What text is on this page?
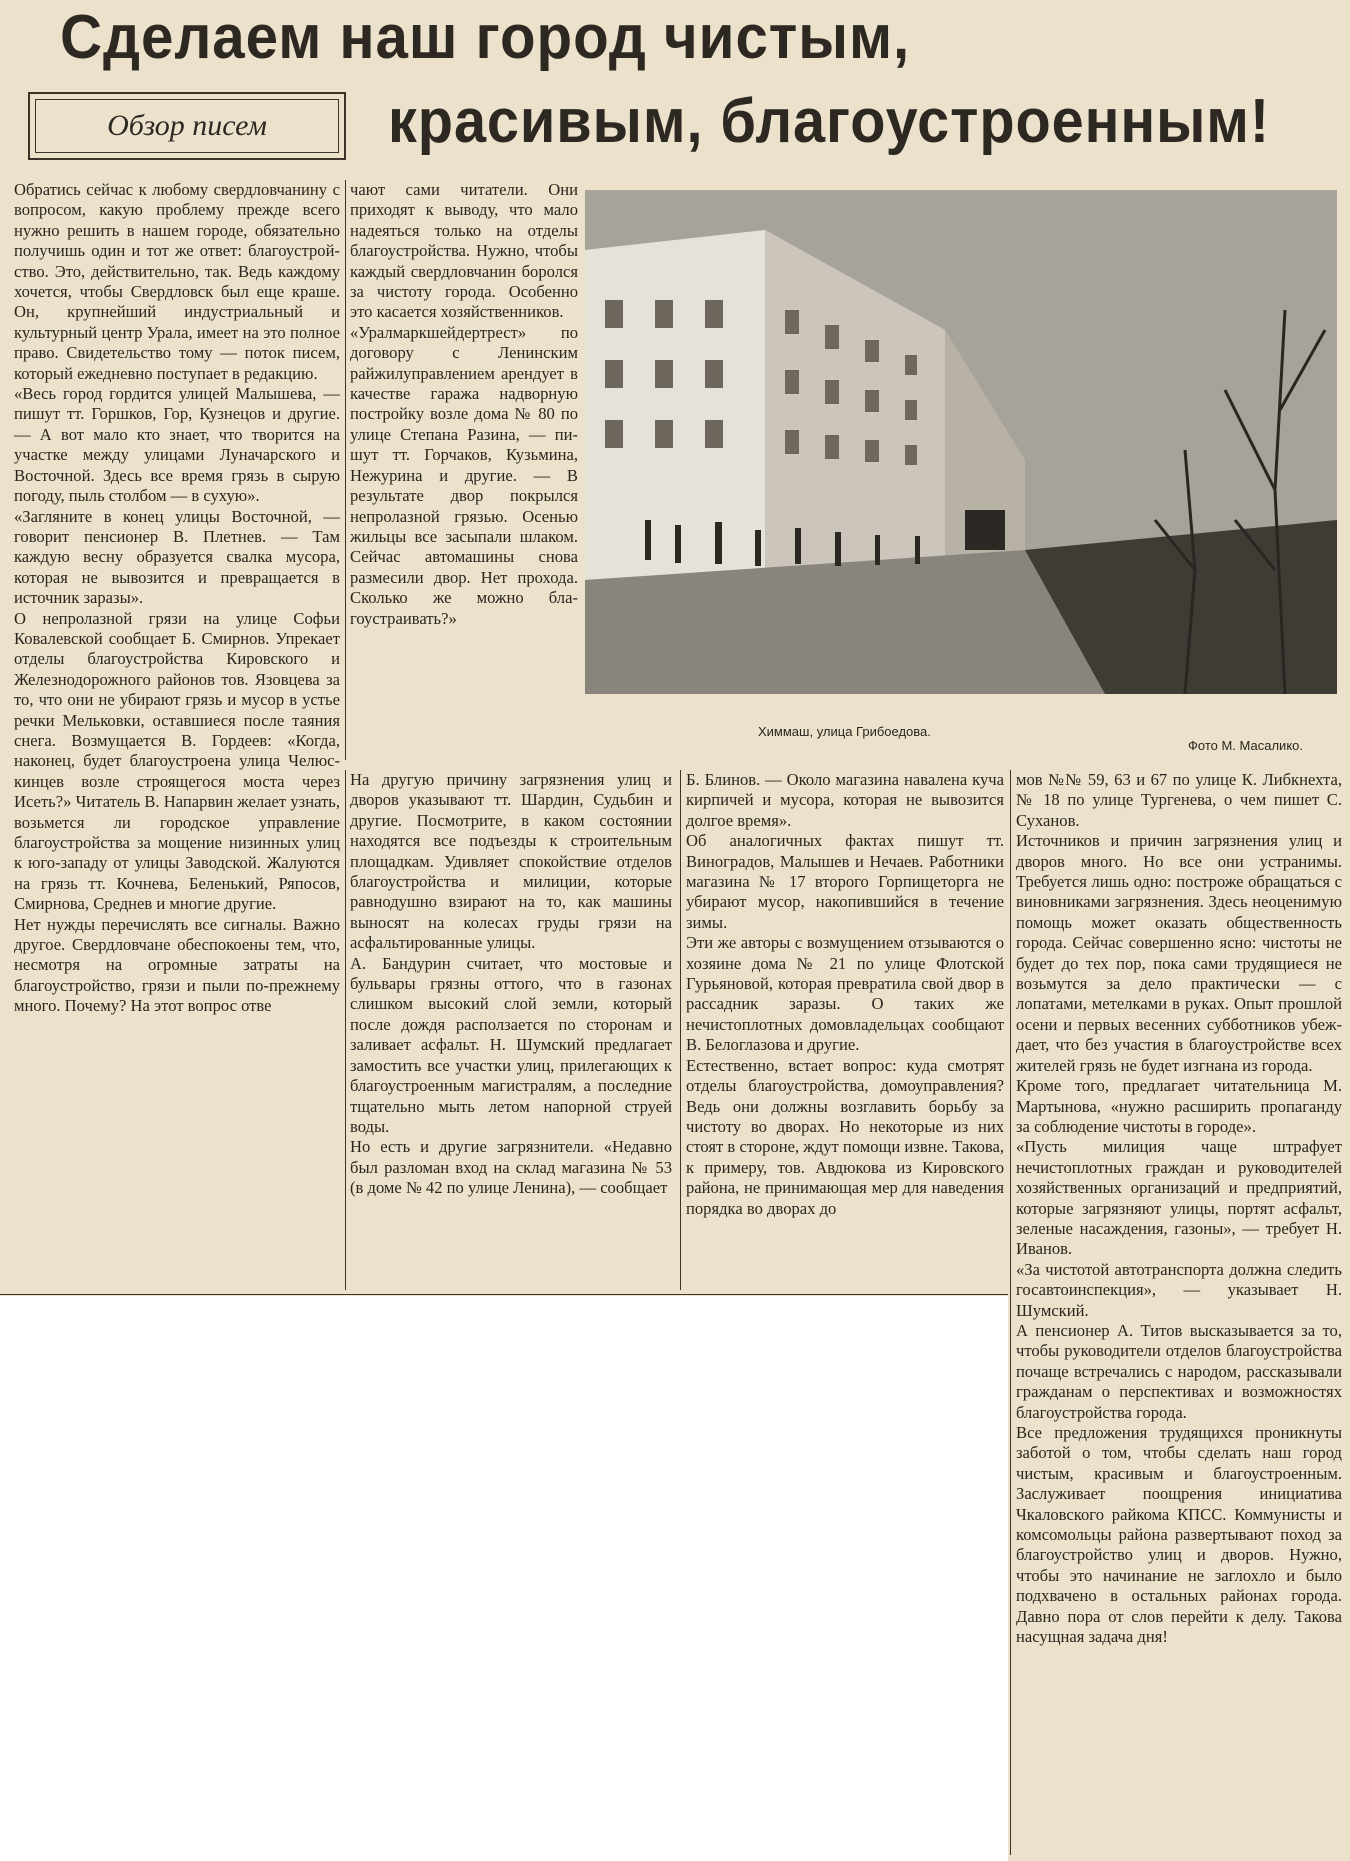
Сделаем наш город чистым,
красивым, благоустроенным!
Обзор писем
Химмаш, улица Грибоедова.
Фото М. Масалико.

Обратись сейчас к любому свердловчанину с вопросом, какую проблему прежде всего нужно решить в нашем городе, обязательно получишь один и тот же ответ: благоустройство. Это, действительно, так. Ведь каждому хочется, чтобы Свердловск был еще краше. Он, крупнейший индустриальный и культурный центр Урала, имеет на это полное право. Свидетельство тому — поток писем, который ежедневно поступает в редакцию.
«Весь город гордится улицей Малышева, — пишут тт. Горшков, Гор, Кузнецов и другие. — А вот мало кто знает, что творится на участке между улицами Луначарского и Восточной. Здесь все время грязь в сырую погоду, пыль столбом — в сухую».
«Загляните в конец улицы Восточной, — говорит пенсионер В. Плетнев. — Там каждую весну образуется свалка мусора, которая не вывозится и превращается в источник заразы».
О непролазной грязи на улице Софьи Ковалевской сообщает Б. Смирнов. Упрекает отделы благоустройства Кировского и Железнодорожного районов тов. Язовцева за то, что они не убирают грязь и мусор в устье речки Мельковки, оставшиеся после таяния снега. Возмущается В. Гордеев: «Когда, наконец, будет благоустроена улица Челюскинцев возле строящегося моста через Исеть?» Читатель В. Напарвин желает узнать, возьмется ли городское управление благоустройства за мощение низинных улиц к юго-западу от улицы Заводской. Жалуются на грязь тт. Кочнева, Беленький, Ряпосов, Смирнова, Среднев и многие другие.
Нет нужды перечислять все сигналы. Важно другое. Свердловчане обеспокоены тем, что, несмотря на огромные затраты на благоустройство, грязи и пыли по-прежнему много. Почему? На этот вопрос отве

чают сами читатели. Они приходят к выводу, что мало надеяться только на отделы благоустройства. Нужно, чтобы каждый свердловчанин боролся за чистоту города. Особенно это касается хозяйственников.
«Уралмаркшейдертрест» по договору с Ленинским райжилуправлением арендует в качестве гаража надворную постройку возле дома № 80 по улице Степана Разина, — пишут тт. Горчаков, Кузьмина, Нежурина и другие. — В результате двор покрылся непролазной грязью. Осенью жильцы все засыпали шлаком. Сейчас автомашины снова размесили двор. Нет прохода. Сколько же можно благоустраивать?»

На другую причину загрязнения улиц и дворов указывают тт. Шардин, Судьбин и другие. Посмотрите, в каком состоянии находятся все подъезды к строительным площадкам. Удивляет спокойствие отделов благоустройства и милиции, которые равнодушно взирают на то, как машины выносят на колесах груды грязи на асфальтированные улицы.
А. Бандурин считает, что мостовые и бульвары грязны оттого, что в газонах слишком высокий слой земли, который после дождя расползается по сторонам и заливает асфальт. Н. Шумский предлагает замостить все участки улиц, прилегающих к благоустроенным магистралям, а последние тщательно мыть летом напорной струей воды.
Но есть и другие загрязнители. «Недавно был разломан вход на склад магазина № 53 (в доме № 42 по улице Ленина), — сообщает

Б. Блинов. — Около магазина навалена куча кирпичей и мусора, которая не вывозится долгое время».
Об аналогичных фактах пишут тт. Виноградов, Малышев и Нечаев. Работники магазина № 17 второго Горпищеторга не убирают мусор, накопившийся в течение зимы.
Эти же авторы с возмущением отзываются о хозяине дома № 21 по улице Флотской Гурьяновой, которая превратила свой двор в рассадник заразы. О таких же нечистоплотных домовладельцах сообщают В. Белоглазова и другие.
Естественно, встает вопрос: куда смотрят отделы благоустройства, домоуправления? Ведь они должны возглавить борьбу за чистоту во дворах. Но некоторые из них стоят в стороне, ждут помощи извне. Такова, к примеру, тов. Авдюкова из Кировского района, не принимающая мер для наведения порядка во дворах до

мов №№ 59, 63 и 67 по улице К. Либкнехта, № 18 по улице Тургенева, о чем пишет С. Суханов.
Источников и причин загрязнения улиц и дворов много. Но все они устранимы. Требуется лишь одно: построже обращаться с виновниками загрязнения. Здесь неоценимую помощь может оказать общественность города. Сейчас совершенно ясно: чистоты не будет до тех пор, пока сами трудящиеся не возьмутся за дело практически — с лопатами, метелками в руках. Опыт прошлой осени и первых весенних субботников убеждает, что без участия в благоустройстве всех жителей грязь не будет изгнана из города.
Кроме того, предлагает читательница М. Мартынова, «нужно расширить пропаганду за соблюдение чистоты в городе».
«Пусть милиция чаще штрафует нечистоплотных граждан и руководителей хозяйственных организаций и предприятий, которые загрязняют улицы, портят асфальт, зеленые насаждения, газоны», — требует Н. Иванов.
«За чистотой автотранспорта должна следить госавтоинспекция», — указывает Н. Шумский.
А пенсионер А. Титов высказывается за то, чтобы руководители отделов благоустройства почаще встречались с народом, рассказывали гражданам о перспективах и возможностях благоустройства города.
Все предложения трудящихся проникнуты заботой о том, чтобы сделать наш город чистым, красивым и благоустроенным. Заслуживает поощрения инициатива Чкаловского райкома КПСС. Коммунисты и комсомольцы района развертывают поход за благоустройство улиц и дворов. Нужно, чтобы это начинание не заглохло и было подхвачено в остальных районах города. Давно пора от слов перейти к делу. Такова насущная задача дня!
